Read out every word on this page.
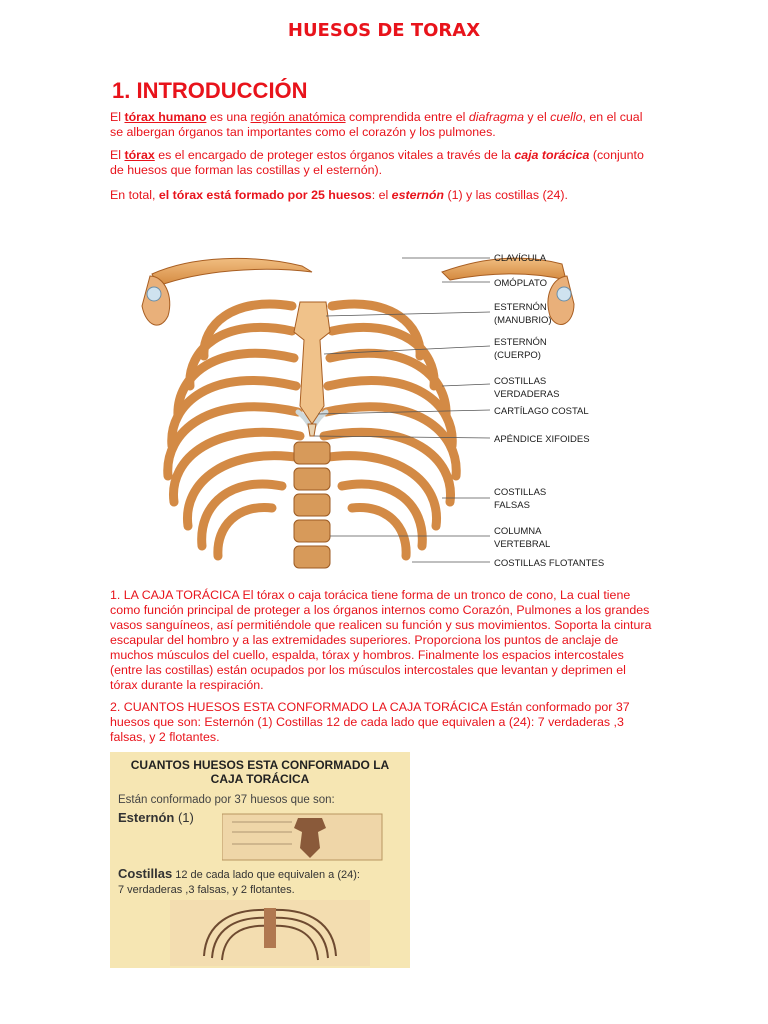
HUESOS DE TORAX
1. INTRODUCCIÓN
El tórax humano es una región anatómica comprendida entre el diafragma y el cuello, en el cual se albergan órganos tan importantes como el corazón y los pulmones.
El tórax es el encargado de proteger estos órganos vitales a través de la caja torácica (conjunto de huesos que forman las costillas y el esternón).
En total, el tórax está formado por 25 huesos: el esternón (1) y las costillas (24).
CLAVÍCULA
OMÓPLATO
ESTERNÓN
(MANUBRIO)
ESTERNÓN
(CUERPO)
COSTILLAS
VERDADERAS
CARTÍLAGO COSTAL
APÉNDICE XIFOIDES
COSTILLAS
FALSAS
COLUMNA
VERTEBRAL
COSTILLAS FLOTANTES
1. LA CAJA TORÁCICA El tórax o caja torácica tiene forma de un tronco de cono, La cual tiene como función principal de proteger a los órganos internos como Corazón, Pulmones a los grandes vasos sanguíneos, así permitiéndole que realicen su función y sus movimientos. Soporta la cintura escapular del hombro y a las extremidades superiores. Proporciona los puntos de anclaje de muchos músculos del cuello, espalda, tórax y hombros. Finalmente los espacios intercostales (entre las costillas) están ocupados por los músculos intercostales que levantan y deprimen el tórax durante la respiración.
2. CUANTOS HUESOS ESTA CONFORMADO LA CAJA TORÁCICA Están conformado por 37 huesos que son: Esternón (1) Costillas 12 de cada lado que equivalen a (24): 7 verdaderas ,3 falsas, y 2 flotantes.
CUANTOS HUESOS ESTA CONFORMADO LA
CAJA TORÁCICA
Están conformado por 37 huesos que son:
Esternón (1)
Costillas 12 de cada lado que equivalen a (24):
7 verdaderas ,3 falsas, y 2 flotantes.
